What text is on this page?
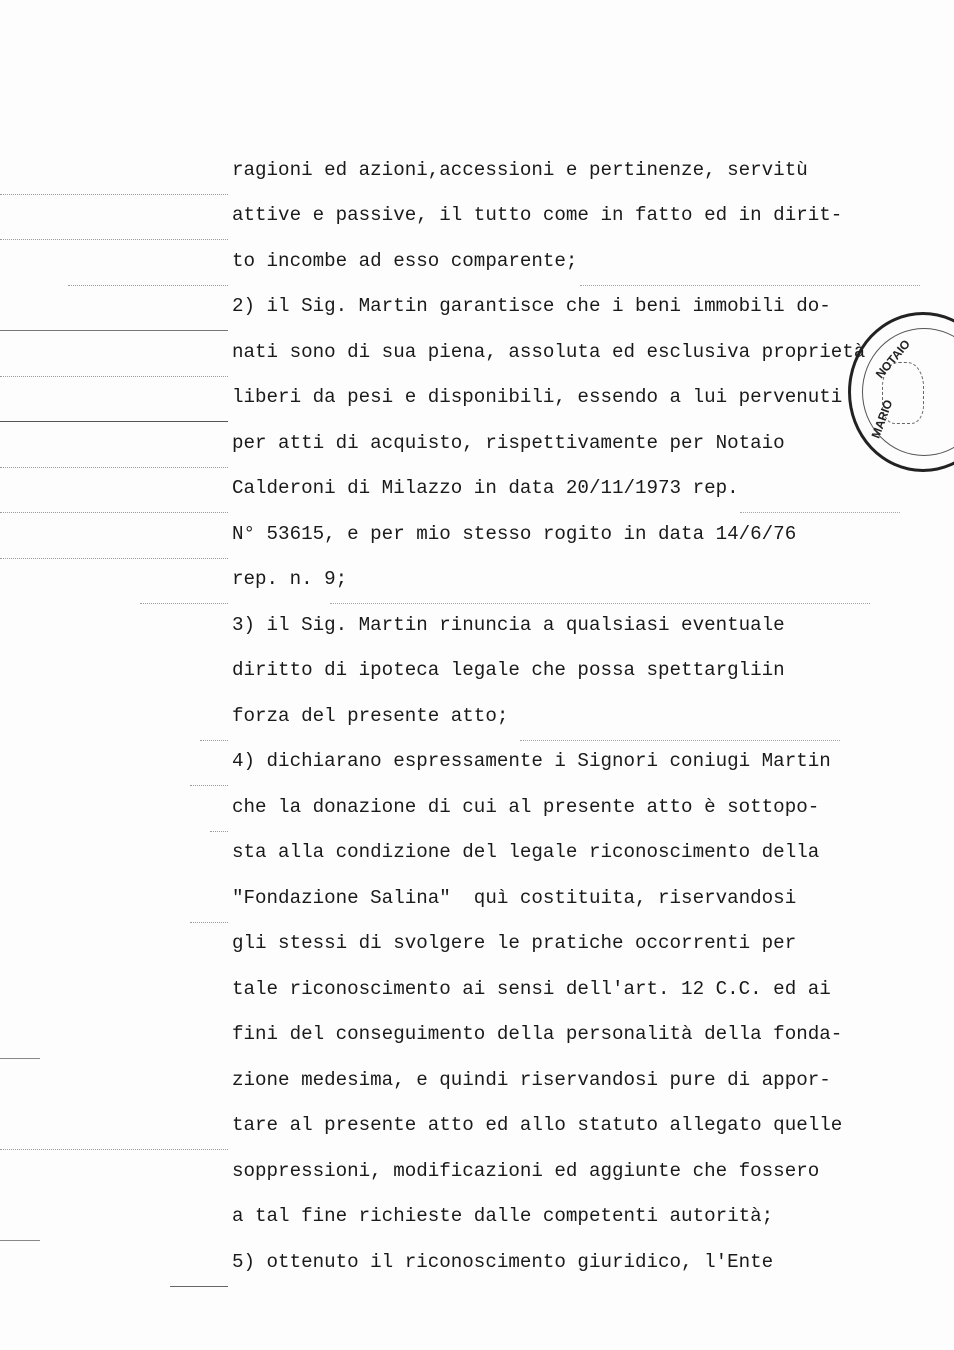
ragioni ed azioni,accessioni e pertinenze, servitù
attive e passive, il tutto come in fatto ed in dirit-
to incombe ad esso comparente;
2) il Sig. Martin garantisce che i beni immobili do-
nati sono di sua piena, assoluta ed esclusiva proprietà
liberi da pesi e disponibili, essendo a lui pervenuti
per atti di acquisto, rispettivamente per Notaio
Calderoni di Milazzo in data 20/11/1973 rep.
N° 53615, e per mio stesso rogito in data 14/6/76
rep. n. 9;
3) il Sig. Martin rinuncia a qualsiasi eventuale
diritto di ipoteca legale che possa spettargliin
forza del presente atto;
4) dichiarano espressamente i Signori coniugi Martin
che la donazione di cui al presente atto è sottopo-
sta alla condizione del legale riconoscimento della
"Fondazione Salina"  quì costituita, riservandosi
gli stessi di svolgere le pratiche occorrenti per
tale riconoscimento ai sensi dell'art. 12 C.C. ed ai
fini del conseguimento della personalità della fonda-
zione medesima, e quindi riservandosi pure di appor-
tare al presente atto ed allo statuto allegato quelle
soppressioni, modificazioni ed aggiunte che fossero
a tal fine richieste dalle competenti autorità;
5) ottenuto il riconoscimento giuridico, l'Ente
MARIO
NOTAIO
